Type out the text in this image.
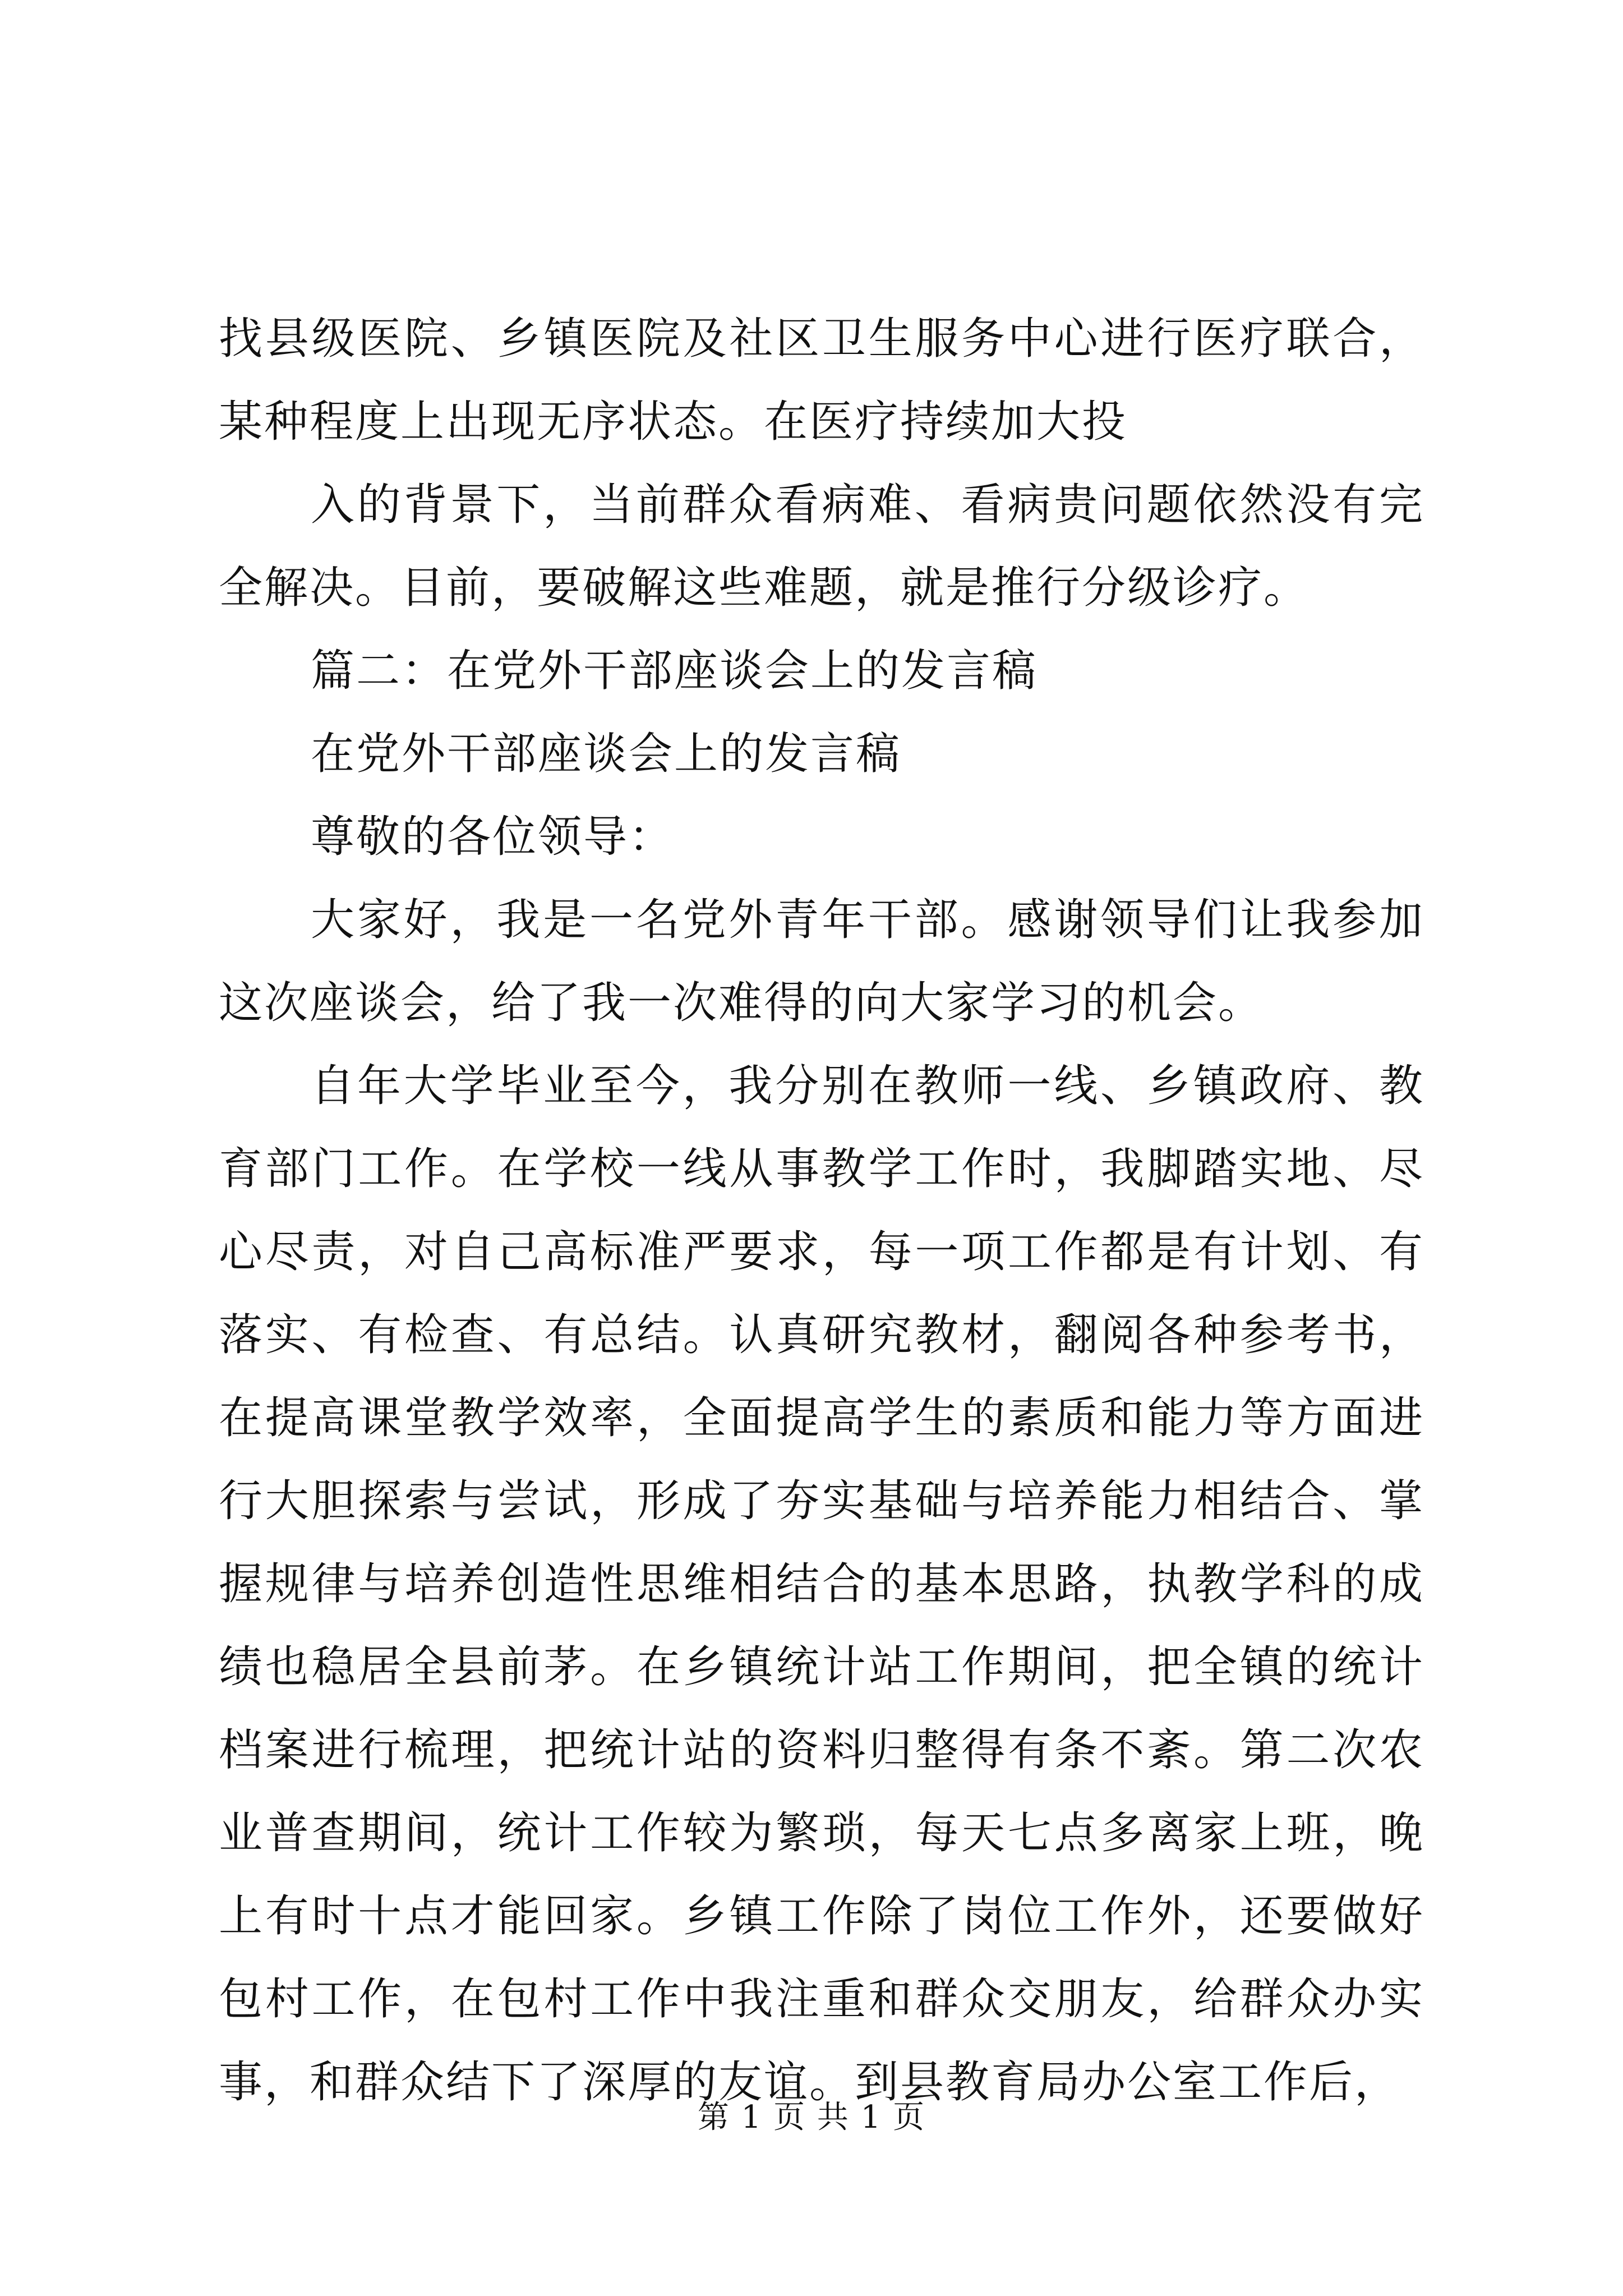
找县级医院、乡镇医院及社区卫生服务中心进行医疗联合，某种程度上出现无序状态。在医疗持续加大投

入的背景下，当前群众看病难、看病贵问题依然没有完全解决。目前，要破解这些难题，就是推行分级诊疗。

篇二：在党外干部座谈会上的发言稿

在党外干部座谈会上的发言稿

尊敬的各位领导：

大家好，我是一名党外青年干部。感谢领导们让我参加这次座谈会，给了我一次难得的向大家学习的机会。

自年大学毕业至今，我分别在教师一线、乡镇政府、教育部门工作。在学校一线从事教学工作时，我脚踏实地、尽心尽责，对自己高标准严要求，每一项工作都是有计划、有落实、有检查、有总结。认真研究教材，翻阅各种参考书，在提高课堂教学效率，全面提高学生的素质和能力等方面进行大胆探索与尝试，形成了夯实基础与培养能力相结合、掌握规律与培养创造性思维相结合的基本思路，执教学科的成绩也稳居全县前茅。在乡镇统计站工作期间，把全镇的统计档案进行梳理，把统计站的资料归整得有条不紊。第二次农业普查期间，统计工作较为繁琐，每天七点多离家上班，晚上有时十点才能回家。乡镇工作除了岗位工作外，还要做好包村工作，在包村工作中我注重和群众交朋友，给群众办实事，和群众结下了深厚的友谊。到县教育局办公室工作后，

第 1 页 共 1 页
